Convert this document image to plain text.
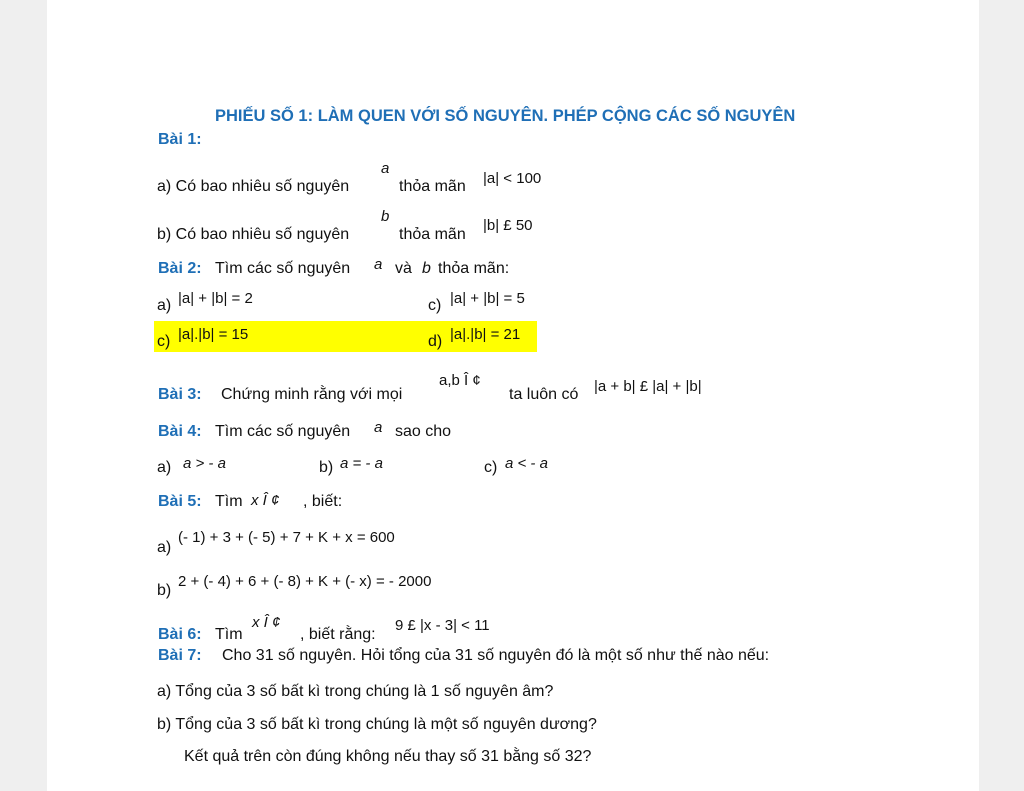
PHIẾU SỐ 1: LÀM QUEN VỚI SỐ NGUYÊN. PHÉP CỘNG CÁC SỐ NGUYÊN
Bài 1:
a) Có bao nhiêu số nguyên
a
thỏa mãn |a| < 100
b) Có bao nhiêu số nguyên
b
thỏa mãn
|b| £ 50
Bài 2: Tìm các số nguyên a và b thỏa mãn:
a) |a| + |b| = 2	c) |a| + |b| = 5
c) |a|.|b| = 15	d) |a|.|b| = 21
Bài 3: Chứng minh rằng với mọi
a,b Î ¢
ta luôn có |a + b| £ |a| + |b|
Bài 4: Tìm các số nguyên a sao cho
a) a > - a	b) a = - a	c) a < - a
Bài 5: Tìm x Î ¢ , biết:
a)
(- 1) + 3 + (- 5) + 7 + K + x = 600
b)
2 + (- 4) + 6 + (- 8) + K + (- x) = - 2000
Bài 6: Tìm
x Î ¢
, biết rằng:
9 £ |x - 3| < 11
Bài 7: Cho 31 số nguyên. Hỏi tổng của 31 số nguyên đó là một số như thế nào nếu:
a) Tổng của 3 số bất kì trong chúng là 1 số nguyên âm?
b) Tổng của 3 số bất kì trong chúng là một số nguyên dương?
Kết quả trên còn đúng không nếu thay số 31 bằng số 32?
